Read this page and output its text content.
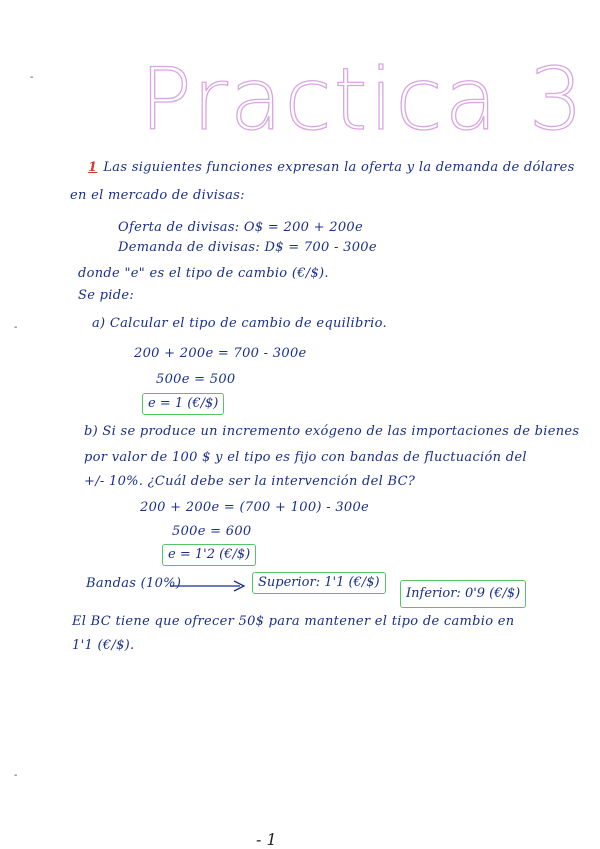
Practica 3
-
-
-
1 Las siguientes funciones expresan la oferta y la demanda de dólares
en el mercado de divisas:
Oferta de divisas: O$ = 200 + 200e
Demanda de divisas: D$ = 700 - 300e
donde "e" es el tipo de cambio (€/$).
Se pide:
a) Calcular el tipo de cambio de equilibrio.
200 + 200e = 700 - 300e
500e = 500
e = 1 (€/$)
b) Si se produce un incremento exógeno de las importaciones de bienes
por valor de 100 $ y el tipo es fijo con bandas de fluctuación del
+/- 10%. ¿Cuál debe ser la intervención del BC?
200 + 200e = (700 + 100) - 300e
500e = 600
e = 1'2 (€/$)
Bandas (10%)	Superior: 1'1 (€/$)
Inferior: 0'9 (€/$)
El BC tiene que ofrecer 50$ para mantener el tipo de cambio en
1'1 (€/$).
- 1
